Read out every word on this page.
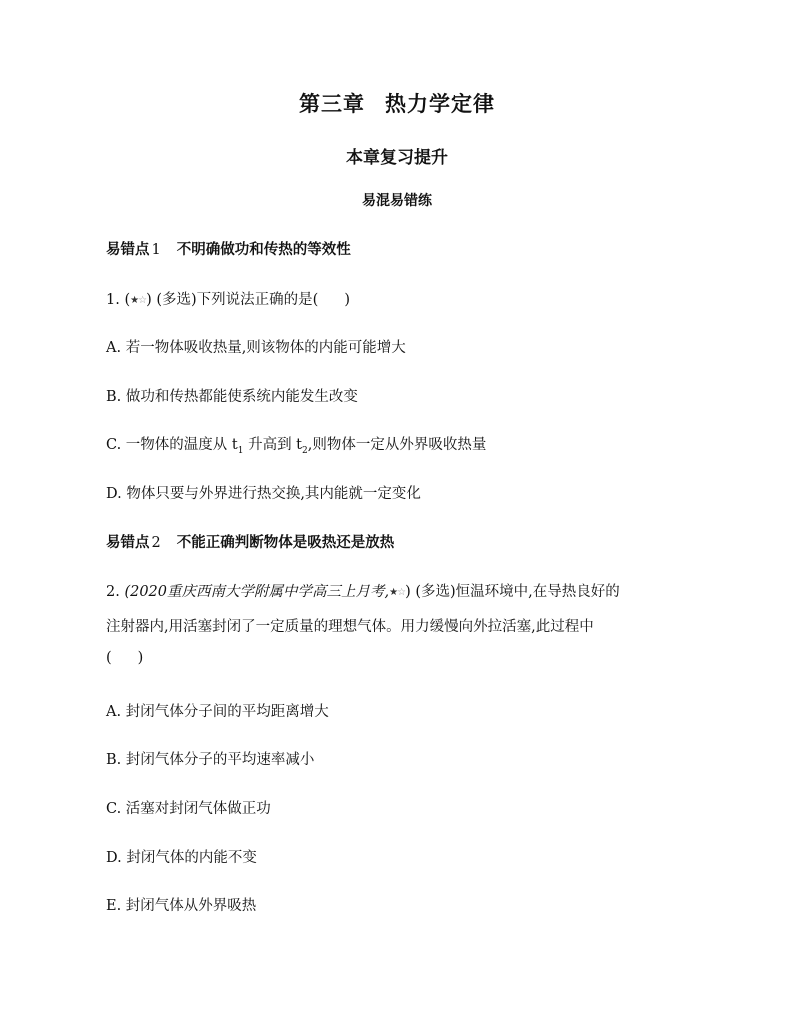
第三章 热力学定律
本章复习提升
易混易错练
易错点 1 不明确做功和传热的等效性
1. (★☆) (多选)下列说法正确的是( )
A. 若一物体吸收热量,则该物体的内能可能增大
B. 做功和传热都能使系统内能发生改变
C. 一物体的温度从 $t_1$ 升高到 $t_2$,则物体一定从外界吸收热量
D. 物体只要与外界进行热交换,其内能就一定变化
易错点 2 不能正确判断物体是吸热还是放热
2. (2020重庆西南大学附属中学高三上月考,★☆) (多选)恒温环境中,在导热良好的
注射器内,用活塞封闭了一定质量的理想气体。用力缓慢向外拉活塞,此过程中
( )
A. 封闭气体分子间的平均距离增大
B. 封闭气体分子的平均速率减小
C. 活塞对封闭气体做正功
D. 封闭气体的内能不变
E. 封闭气体从外界吸热
